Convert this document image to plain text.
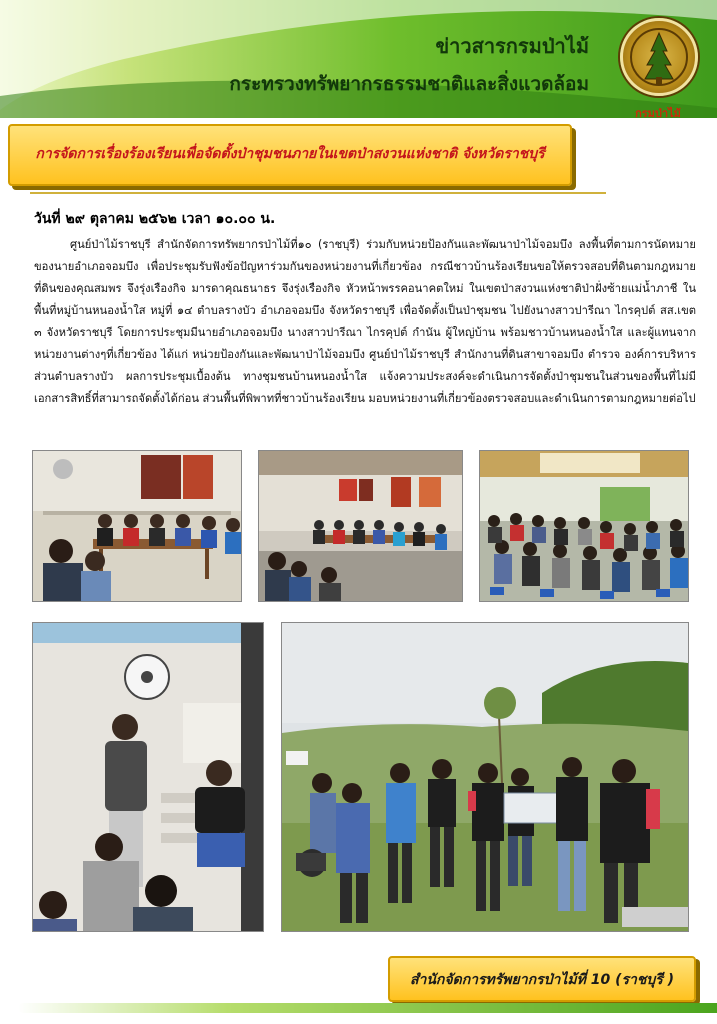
ข่าวสารกรมป่าไม้
กระทรวงทรัพยากรธรรมชาติและสิ่งแวดล้อม
กรมป่าไม้
การจัดการเรื่องร้องเรียนเพื่อจัดตั้งป่าชุมชนภายในเขตป่าสงวนแห่งชาติ จังหวัดราชบุรี
วันที่ ๒๙ ตุลาคม ๒๕๖๒ เวลา ๑๐.๐๐ น.
ศูนย์ป่าไม้ราชบุรี สำนักจัดการทรัพยากรป่าไม้ที่๑๐ (ราชบุรี) ร่วมกับหน่วยป้องกันและพัฒนาป่าไม้จอมบึง ลงพื้นที่ตามการนัดหมายของนายอำเภอจอมบึง เพื่อประชุมรับฟังข้อปัญหาร่วมกันของหน่วยงานที่เกี่ยวข้อง กรณีชาวบ้านร้องเรียนขอให้ตรวจสอบที่ดินตามกฎหมายที่ดินของคุณสมพร จึงรุ่งเรืองกิจ มารดาคุณธนาธร จึงรุ่งเรืองกิจ หัวหน้าพรรคอนาคตใหม่ ในเขตป่าสงวนแห่งชาติป่าฝั่งซ้ายแม่น้ำภาชี ในพื้นที่หมู่บ้านหนองน้ำใส หมู่ที่ ๑๔ ตำบลรางบัว อำเภอจอมบึง จังหวัดราชบุรี เพื่อจัดตั้งเป็นป่าชุมชน ไปยังนางสาวปารีณา ไกรคุปต์ สส.เขต ๓ จังหวัดราชบุรี โดยการประชุมมีนายอำเภอจอมบึง นางสาวปารีณา ไกรคุปต์ กำนัน ผู้ใหญ่บ้าน พร้อมชาวบ้านหนองน้ำใส และผู้แทนจากหน่วยงานต่างๆที่เกี่ยวข้อง ได้แก่ หน่วยป้องกันและพัฒนาป่าไม้จอมบึง ศูนย์ป่าไม้ราชบุรี สำนักงานที่ดินสาขาจอมบึง ตำรวจ องค์การบริหารส่วนตำบลรางบัว ผลการประชุมเบื้องต้น ทางชุมชนบ้านหนองน้ำใส แจ้งความประสงค์จะดำเนินการจัดตั้งป่าชุมชนในส่วนของพื้นที่ไม่มีเอกสารสิทธิ์ที่สามารถจัดตั้งได้ก่อน ส่วนพื้นที่พิพาทที่ชาวบ้านร้องเรียน มอบหน่วยงานที่เกี่ยวข้องตรวจสอบและดำเนินการตามกฎหมายต่อไป
สำนักจัดการทรัพยากรป่าไม้ที่ 10 (ราชบุรี )
